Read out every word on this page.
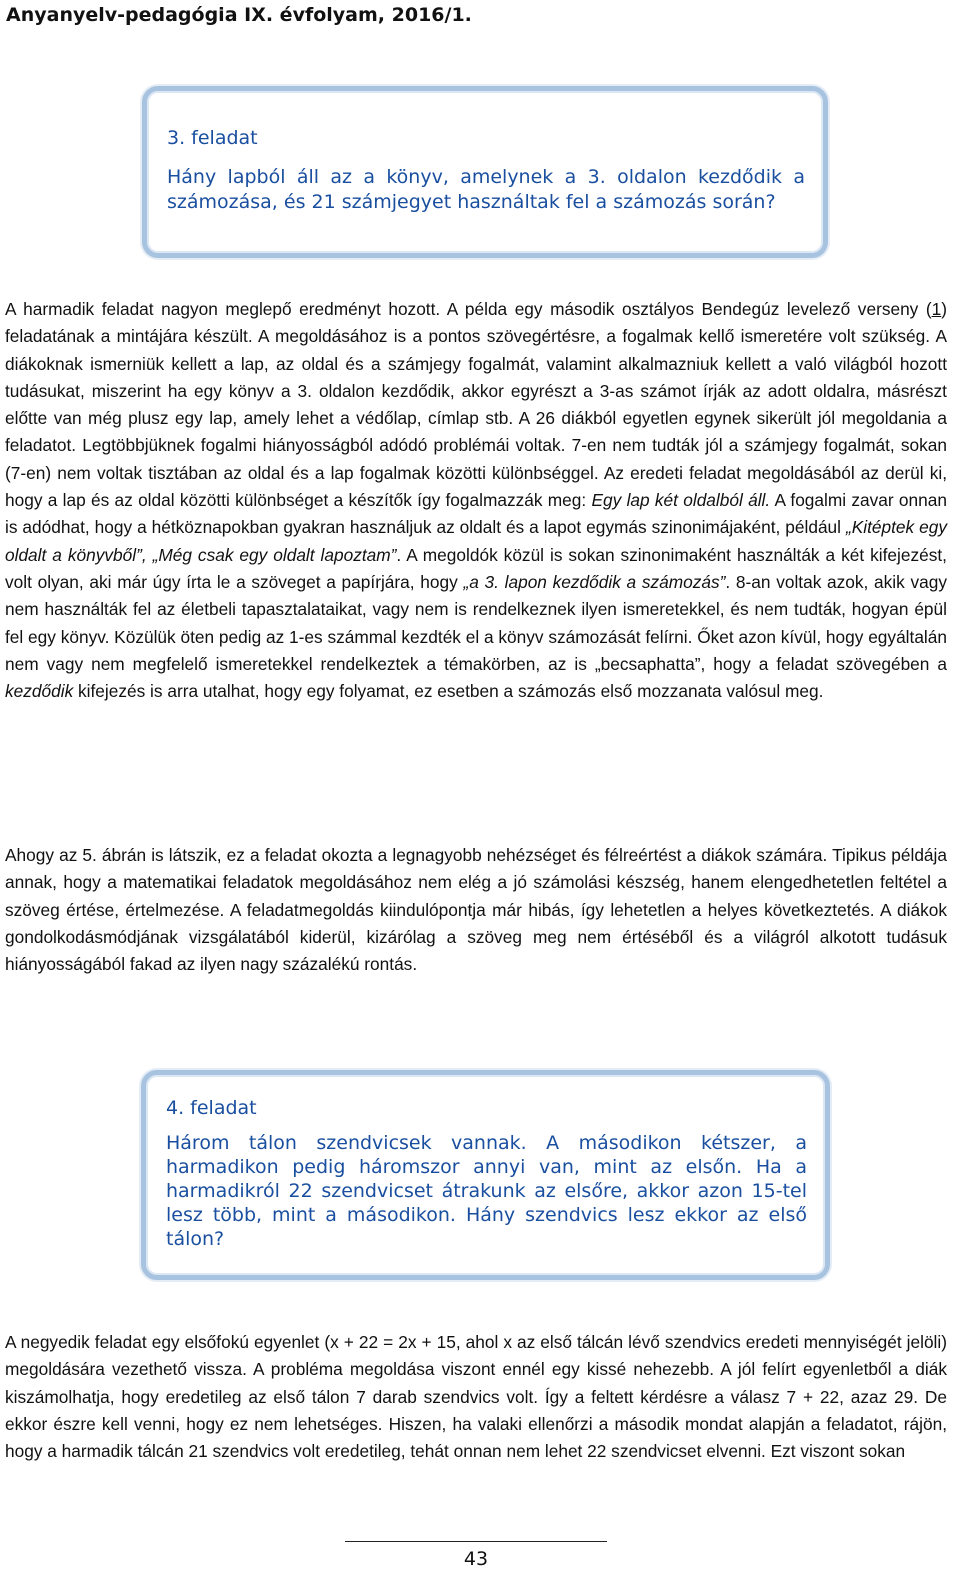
Anyanyelv-pedagógia IX. évfolyam, 2016/1.
3. feladat
Hány lapból áll az a könyv, amelynek a 3. oldalon kezdődik a
számozása, és 21 számjegyet használtak fel a számozás során?

A harmadik feladat nagyon meglepő eredményt hozott. A példa egy második osztályos Bendegúz levelező verseny (1) feladatának a mintájára készült. A megoldásához is a pontos szövegértésre, a fogalmak kellő ismeretére volt szükség. A diákoknak ismerniük kellett a lap, az oldal és a számjegy fogalmát, valamint alkalmazniuk kellett a való világból hozott tudásukat, miszerint ha egy könyv a 3. oldalon kezdődik, akkor egyrészt a 3-as számot írják az adott oldalra, másrészt előtte van még plusz egy lap, amely lehet a védőlap, címlap stb. A 26 diákból egyetlen egynek sikerült jól megoldania a feladatot. Legtöbbjüknek fogalmi hiányosságból adódó problémái voltak. 7-en nem tudták jól a számjegy fogalmát, sokan (7-en) nem voltak tisztában az oldal és a lap fogalmak közötti különbséggel. Az eredeti feladat megoldásából az derül ki, hogy a lap és az oldal közötti különbséget a készítők így fogalmazzák meg: Egy lap két oldalból áll. A fogalmi zavar onnan is adódhat, hogy a hétköznapokban gyakran használjuk az oldalt és a lapot egymás szinonimájaként, például „Kitéptek egy oldalt a könyvből”, „Még csak egy oldalt lapoztam”. A megoldók közül is sokan szinonimaként használták a két kifejezést, volt olyan, aki már úgy írta le a szöveget a papírjára, hogy „a 3. lapon kezdődik a számozás”. 8-an voltak azok, akik vagy nem használták fel az életbeli tapasztalataikat, vagy nem is rendelkeznek ilyen ismeretekkel, és nem tudták, hogyan épül fel egy könyv. Közülük öten pedig az 1-es számmal kezdték el a könyv számozását felírni. Őket azon kívül, hogy egyáltalán nem vagy nem megfelelő ismeretekkel rendelkeztek a témakörben, az is „becsaphatta”, hogy a feladat szövegében a kezdődik kifejezés is arra utalhat, hogy egy folyamat, ez esetben a számozás első mozzanata valósul meg.

Ahogy az 5. ábrán is látszik, ez a feladat okozta a legnagyobb nehézséget és félreértést a diákok számára. Tipikus példája annak, hogy a matematikai feladatok megoldásához nem elég a jó számolási készség, hanem elengedhetetlen feltétel a szöveg értése, értelmezése. A feladatmegoldás kiindulópontja már hibás, így lehetetlen a helyes következtetés. A diákok gondolkodásmódjának vizsgálatából kiderül, kizárólag a szöveg meg nem értéséből és a világról alkotott tudásuk hiányosságából fakad az ilyen nagy százalékú rontás.

4. feladat
Három tálon szendvicsek vannak. A másodikon kétszer, a
harmadikon pedig háromszor annyi van, mint az elsőn. Ha a
harmadikról 22 szendvicset átrakunk az elsőre, akkor azon 15-tel
lesz több, mint a másodikon. Hány szendvics lesz ekkor az első
tálon?

A negyedik feladat egy elsőfokú egyenlet (x + 22 = 2x + 15, ahol x az első tálcán lévő szendvics eredeti mennyiségét jelöli) megoldására vezethető vissza. A probléma megoldása viszont ennél egy kissé nehezebb. A jól felírt egyenletből a diák kiszámolhatja, hogy eredetileg az első tálon 7 darab szendvics volt. Így a feltett kérdésre a válasz 7 + 22, azaz 29. De ekkor észre kell venni, hogy ez nem lehetséges. Hiszen, ha valaki ellenőrzi a második mondat alapján a feladatot, rájön, hogy a harmadik tálcán 21 szendvics volt eredetileg, tehát onnan nem lehet 22 szendvicset elvenni. Ezt viszont sokan

43
